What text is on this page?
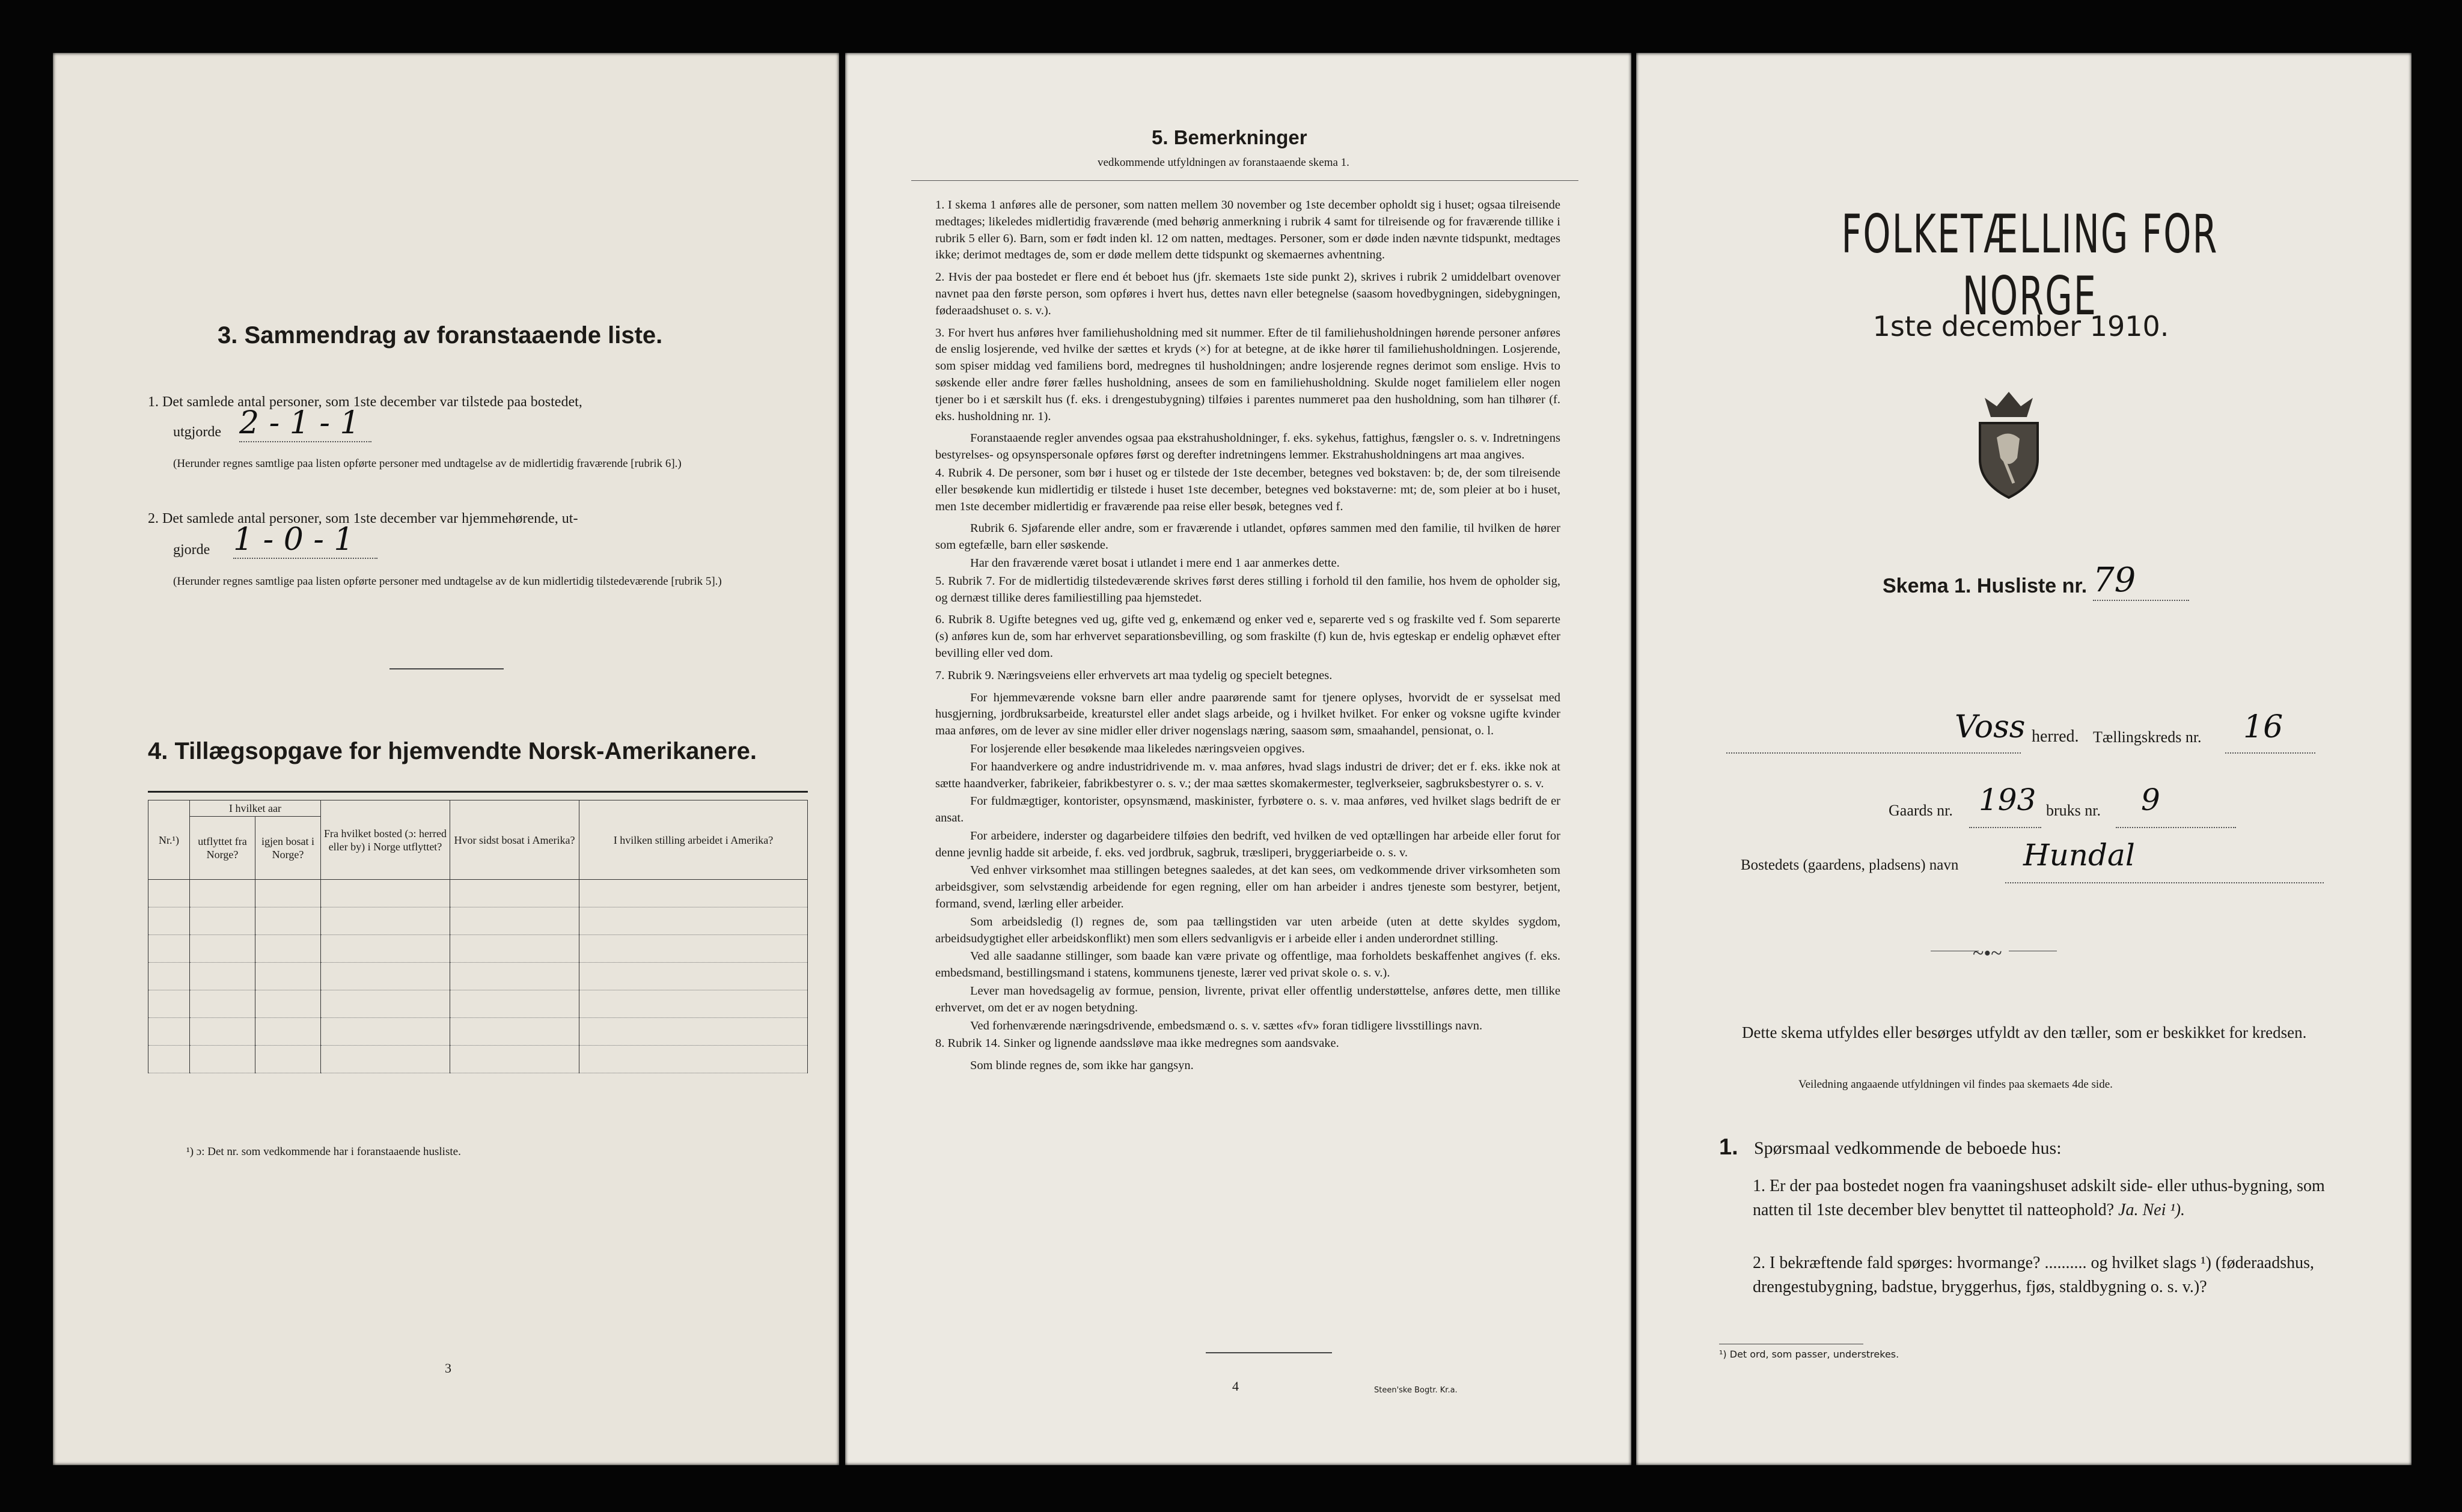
3. Sammendrag av foranstaaende liste.
1. Det samlede antal personer, som 1ste december var tilstede paa bostedet,
utgjorde 2 - 1 - 1
(Herunder regnes samtlige paa listen opførte personer med undtagelse av de midlertidig fraværende [rubrik 6].)
2. Det samlede antal personer, som 1ste december var hjemmehørende, ut-
gjorde 1 - 0 - 1
(Herunder regnes samtlige paa listen opførte personer med undtagelse av de kun midlertidig tilstedeværende [rubrik 5].)
4. Tillægsopgave for hjemvendte Norsk-Amerikanere.
Nr.¹)	I hvilket aar		Fra hvilket bosted (ɔ: herred eller by) i Norge utflyttet?	Hvor sidst bosat i Amerika?	I hvilken stilling arbeidet i Amerika?
	utflyttet fra Norge?	igjen bosat i Norge?			

¹) ɔ: Det nr. som vedkommende har i foranstaaende husliste.
3
5. Bemerkninger
vedkommende utfyldningen av foranstaaende skema 1.

1. I skema 1 anføres alle de personer, som natten mellem 30 november og 1ste december opholdt sig i huset; ogsaa tilreisende medtages; likeledes midlertidig fraværende (med behørig anmerkning i rubrik 4 samt for tilreisende og for fraværende tillike i rubrik 5 eller 6). Barn, som er født inden kl. 12 om natten, medtages. Personer, som er døde inden nævnte tidspunkt, medtages ikke; derimot medtages de, som er døde mellem dette tidspunkt og skemaernes avhentning.

2. Hvis der paa bostedet er flere end ét beboet hus (jfr. skemaets 1ste side punkt 2), skrives i rubrik 2 umiddelbart ovenover navnet paa den første person, som opføres i hvert hus, dettes navn eller betegnelse (saasom hovedbygningen, sidebygningen, føderaadshuset o. s. v.).

3. For hvert hus anføres hver familiehusholdning med sit nummer. Efter de til familiehusholdningen hørende personer anføres de enslig losjerende, ved hvilke der sættes et kryds (×) for at betegne, at de ikke hører til familiehusholdningen. Losjerende, som spiser middag ved familiens bord, medregnes til husholdningen; andre losjerende regnes derimot som enslige. Hvis to søskende eller andre fører fælles husholdning, ansees de som en familiehusholdning. Skulde noget familielem eller nogen tjener bo i et særskilt hus (f. eks. i drengestubygning) tilføies i parentes nummeret paa den husholdning, som han tilhører (f. eks. husholdning nr. 1).

Foranstaaende regler anvendes ogsaa paa ekstrahusholdninger, f. eks. sykehus, fattighus, fængsler o. s. v. Indretningens bestyrelses- og opsynspersonale opføres først og derefter indretningens lemmer. Ekstrahusholdningens art maa angives.

4. Rubrik 4. De personer, som bør i huset og er tilstede der 1ste december, betegnes ved bokstaven: b; de, der som tilreisende eller besøkende kun midlertidig er tilstede i huset 1ste december, betegnes ved bokstaverne: mt; de, som pleier at bo i huset, men 1ste december midlertidig er fraværende paa reise eller besøk, betegnes ved f.

Rubrik 6. Sjøfarende eller andre, som er fraværende i utlandet, opføres sammen med den familie, til hvilken de hører som egtefælle, barn eller søskende.

Har den fraværende været bosat i utlandet i mere end 1 aar anmerkes dette.

5. Rubrik 7. For de midlertidig tilstedeværende skrives først deres stilling i forhold til den familie, hos hvem de opholder sig, og dernæst tillike deres familiestilling paa hjemstedet.

6. Rubrik 8. Ugifte betegnes ved ug, gifte ved g, enkemænd og enker ved e, separerte ved s og fraskilte ved f. Som separerte (s) anføres kun de, som har erhvervet separationsbevilling, og som fraskilte (f) kun de, hvis egteskap er endelig ophævet efter bevilling eller ved dom.

7. Rubrik 9. Næringsveiens eller erhvervets art maa tydelig og specielt betegnes.

For hjemmeværende voksne barn eller andre paarørende samt for tjenere oplyses, hvorvidt de er sysselsat med husgjerning, jordbruksarbeide, kreaturstel eller andet slags arbeide, og i hvilket hvilket. For enker og voksne ugifte kvinder maa anføres, om de lever av sine midler eller driver nogenslags næring, saasom søm, smaahandel, pensionat, o. l.

For losjerende eller besøkende maa likeledes næringsveien opgives.

For haandverkere og andre industridrivende m. v. maa anføres, hvad slags industri de driver; det er f. eks. ikke nok at sætte haandverker, fabrikeier, fabrikbestyrer o. s. v.; der maa sættes skomakermester, teglverkseier, sagbruksbestyrer o. s. v.

For fuldmægtiger, kontorister, opsynsmænd, maskinister, fyrbøtere o. s. v. maa anføres, ved hvilket slags bedrift de er ansat.

For arbeidere, inderster og dagarbeidere tilføies den bedrift, ved hvilken de ved optællingen har arbeide eller forut for denne jevnlig hadde sit arbeide, f. eks. ved jordbruk, sagbruk, træsliperi, bryggeriarbeide o. s. v.

Ved enhver virksomhet maa stillingen betegnes saaledes, at det kan sees, om vedkommende driver virksomheten som arbeidsgiver, som selvstændig arbeidende for egen regning, eller om han arbeider i andres tjeneste som bestyrer, betjent, formand, svend, lærling eller arbeider.

Som arbeidsledig (l) regnes de, som paa tællingstiden var uten arbeide (uten at dette skyldes sygdom, arbeidsudygtighet eller arbeidskonflikt) men som ellers sedvanligvis er i arbeide eller i anden underordnet stilling.

Ved alle saadanne stillinger, som baade kan være private og offentlige, maa forholdets beskaffenhet angives (f. eks. embedsmand, bestillingsmand i statens, kommunens tjeneste, lærer ved privat skole o. s. v.).

Lever man hovedsagelig av formue, pension, livrente, privat eller offentlig understøttelse, anføres dette, men tillike erhvervet, om det er av nogen betydning.

Ved forhenværende næringsdrivende, embedsmænd o. s. v. sættes «fv» foran tidligere livsstillings navn.

8. Rubrik 14. Sinker og lignende aandssløve maa ikke medregnes som aandsvake.

Som blinde regnes de, som ikke har gangsyn.

4	Steen'ske Bogtr. Kr.a.
FOLKETÆLLING FOR NORGE
1ste december 1910.
Skema 1. Husliste nr. 79
Voss herred. Tællingskreds nr. 16
Gaards nr. 193 bruks nr. 9
Bostedets (gaardens, pladsens) navn Hundal
~•~
Dette skema utfyldes eller besørges utfyldt av den tæller, som er beskikket for kredsen.
Veiledning angaaende utfyldningen vil findes paa skemaets 4de side.
1. Spørsmaal vedkommende de beboede hus:
1. Er der paa bostedet nogen fra vaaningshuset adskilt side- eller uthus-bygning, som natten til 1ste december blev benyttet til natteophold? Ja. Nei ¹).
2. I bekræftende fald spørges: hvormange? .......... og hvilket slags ¹) (føderaadshus, drengestubygning, badstue, bryggerhus, fjøs, staldbygning o. s. v.)?
¹) Det ord, som passer, understrekes.
